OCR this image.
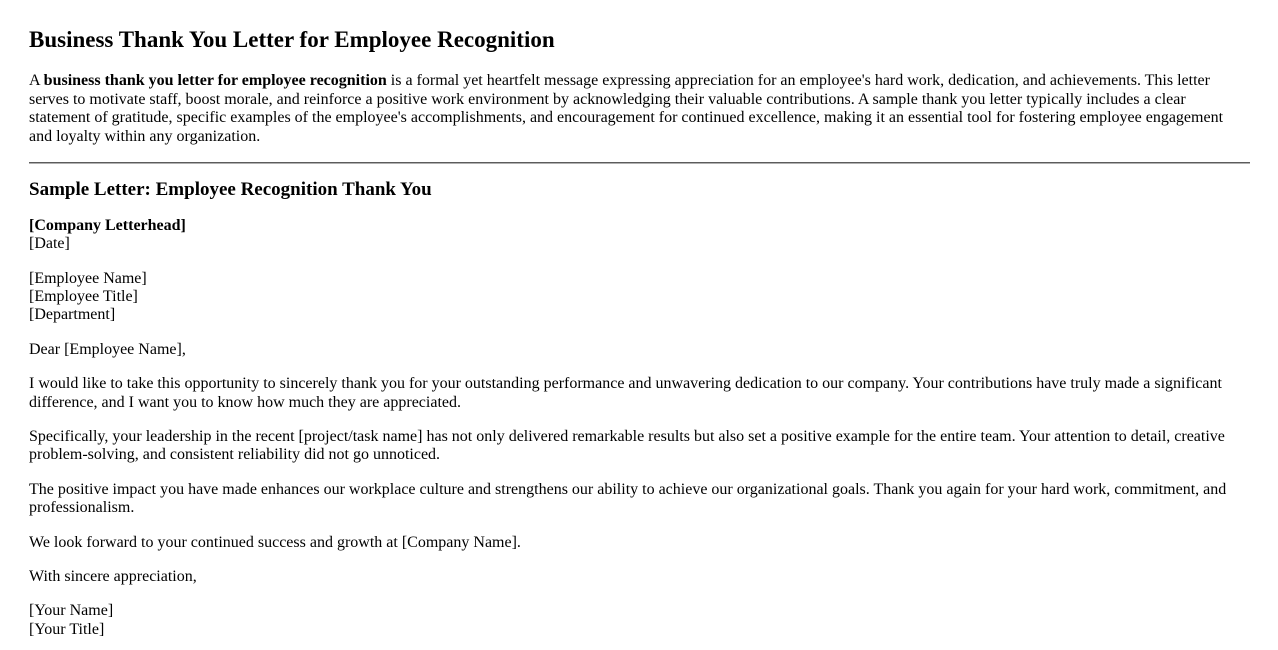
Business Thank You Letter for Employee Recognition

A business thank you letter for employee recognition is a formal yet heartfelt message expressing appreciation for an employee's hard work, dedication, and achievements. This letter serves to motivate staff, boost morale, and reinforce a positive work environment by acknowledging their valuable contributions. A sample thank you letter typically includes a clear statement of gratitude, specific examples of the employee's accomplishments, and encouragement for continued excellence, making it an essential tool for fostering employee engagement and loyalty within any organization.

Sample Letter: Employee Recognition Thank You

[Company Letterhead]
[Date]

[Employee Name]
[Employee Title]
[Department]

Dear [Employee Name],

I would like to take this opportunity to sincerely thank you for your outstanding performance and unwavering dedication to our company. Your contributions have truly made a significant difference, and I want you to know how much they are appreciated.

Specifically, your leadership in the recent [project/task name] has not only delivered remarkable results but also set a positive example for the entire team. Your attention to detail, creative problem-solving, and consistent reliability did not go unnoticed.

The positive impact you have made enhances our workplace culture and strengthens our ability to achieve our organizational goals. Thank you again for your hard work, commitment, and professionalism.

We look forward to your continued success and growth at [Company Name].

With sincere appreciation,

[Your Name]
[Your Title]
